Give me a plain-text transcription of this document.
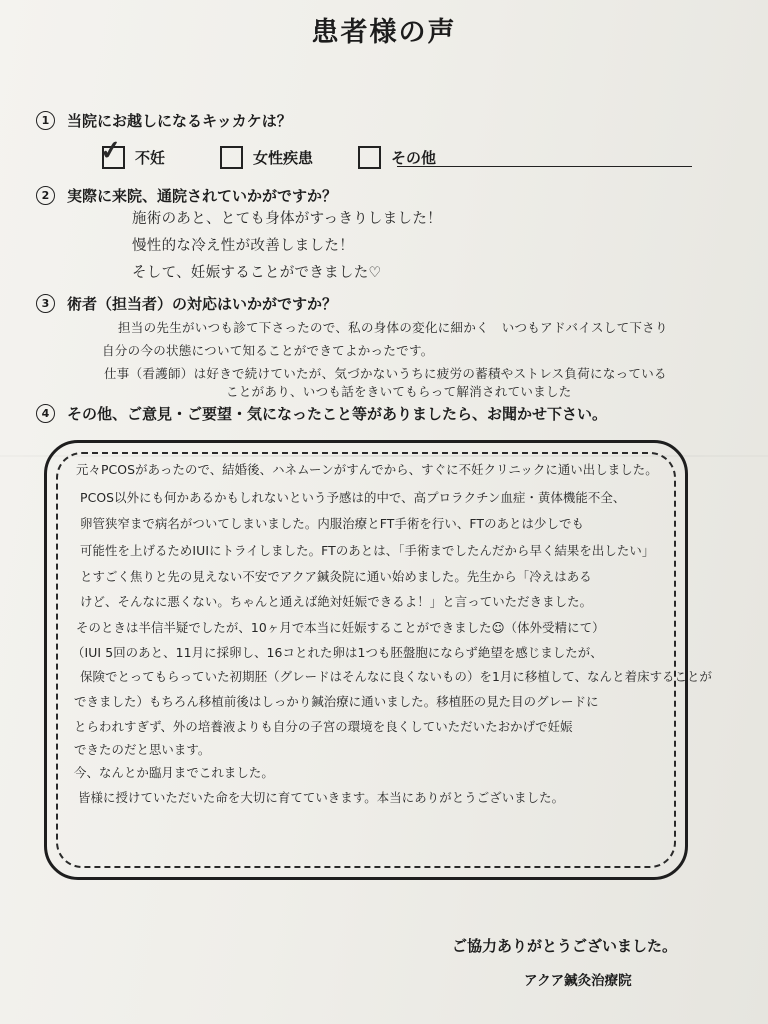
患者様の声
1	当院にお越しになるキッカケは？
✓ 不妊	女性疾患	その他
2	実際に来院、通院されていかがですか？
施術のあと、とても身体がすっきりしました！
慢性的な冷え性が改善しました！
そして、妊娠することができました♡
3	術者（担当者）の対応はいかがですか？
担当の先生がいつも診て下さったので、私の身体の変化に細かく　いつもアドバイスして下さり
自分の今の状態について知ることができてよかったです。
仕事（看護師）は好きで続けていたが、気づかないうちに疲労の蓄積やストレス負荷になっている
ことがあり、いつも話をきいてもらって解消されていました
4	その他、ご意見・ご要望・気になったこと等がありましたら、お聞かせ下さい。
元々PCOSがあったので、結婚後、ハネムーンがすんでから、すぐに不妊クリニックに通い出しました。
PCOS以外にも何かあるかもしれないという予感は的中で、高プロラクチン血症・黄体機能不全、
卵管狭窄まで病名がついてしまいました。内服治療とFT手術を行い、FTのあとは少しでも
可能性を上げるためIUIにトライしました。FTのあとは、「手術までしたんだから早く結果を出したい」
とすごく焦りと先の見えない不安でアクア鍼灸院に通い始めました。先生から「冷えはある
けど、そんなに悪くない。ちゃんと通えば絶対妊娠できるよ！」と言っていただきました。
そのときは半信半疑でしたが、10ヶ月で本当に妊娠することができました☺（体外受精にて）
（IUI 5回のあと、11月に採卵し、16コとれた卵は1つも胚盤胞にならず絶望を感じましたが、
保険でとってもらっていた初期胚（グレードはそんなに良くないもの）を1月に移植して、なんと着床することが
できました）もちろん移植前後はしっかり鍼治療に通いました。移植胚の見た目のグレードに
とらわれすぎず、外の培養液よりも自分の子宮の環境を良くしていただいたおかげで妊娠
できたのだと思います。
今、なんとか臨月までこれました。
皆様に授けていただいた命を大切に育てていきます。本当にありがとうございました。
ご協力ありがとうございました。
アクア鍼灸治療院
